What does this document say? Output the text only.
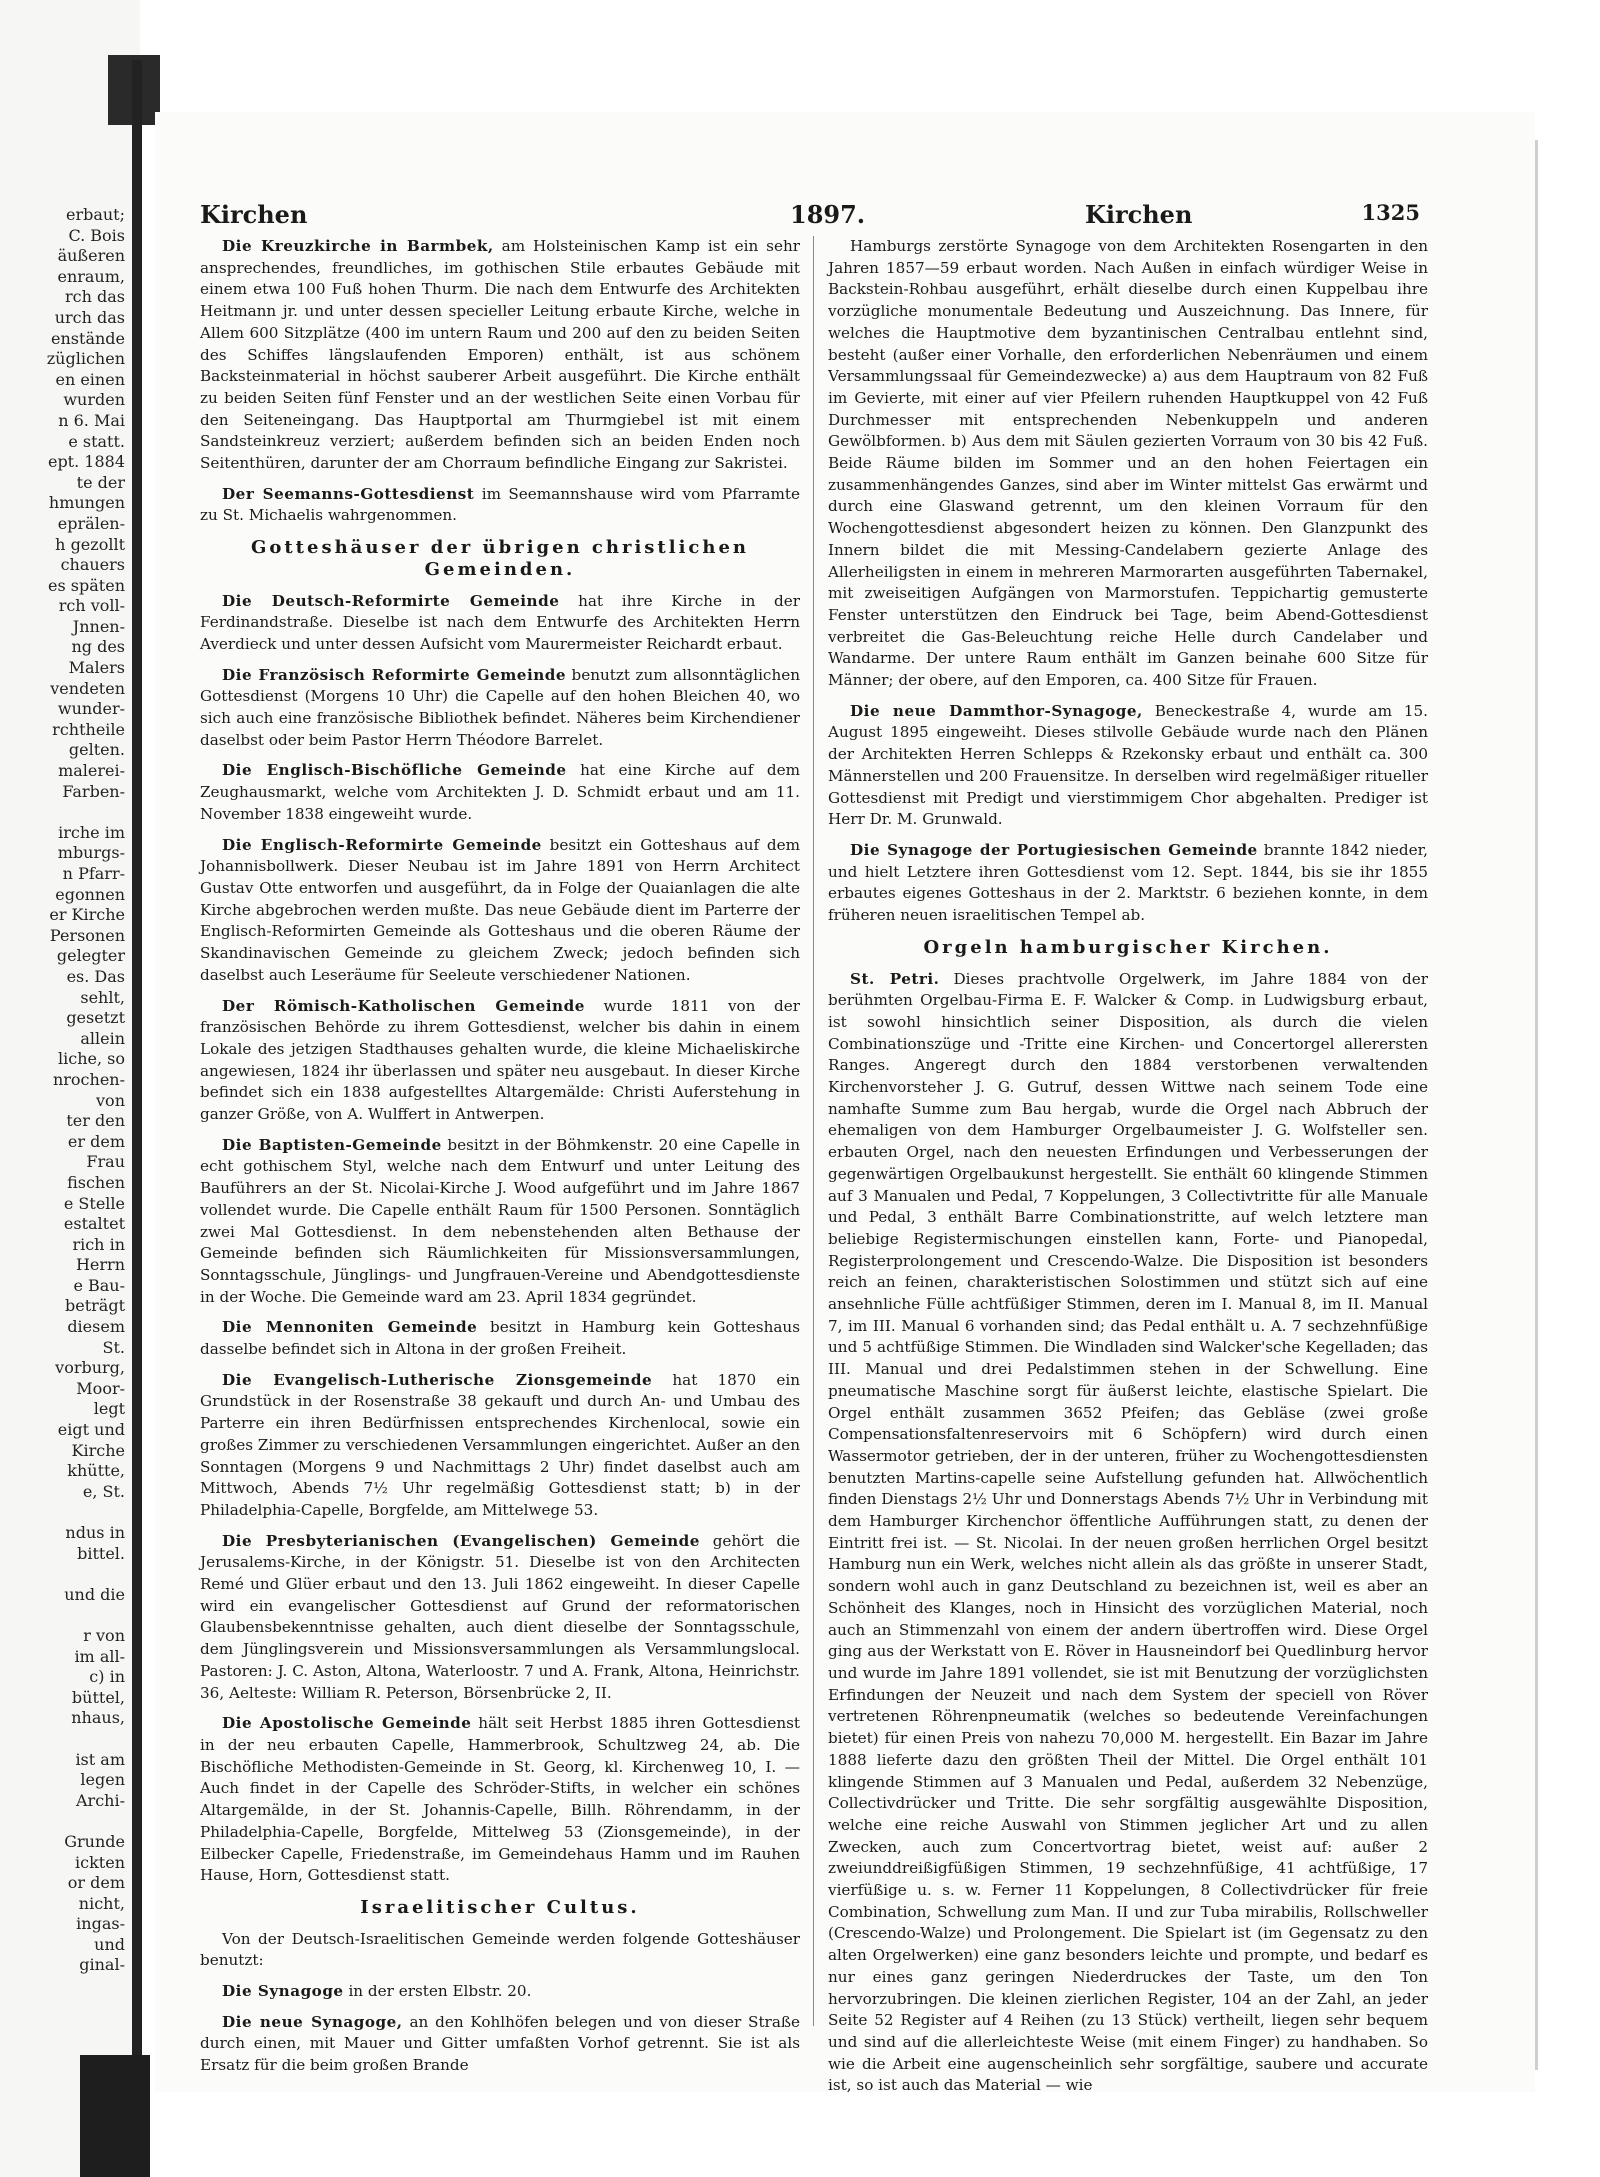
erbaut;
C. Bois
äußeren
enraum,
rch das
urch das
enstände
züglichen
en einen
wurden
n 6. Mai
e statt.
ept. 1884
te der
hmungen
eprälen-
h gezollt
chauers
es späten
rch voll-
Jnnen-
ng des
Malers
vendeten
wunder-
rchtheile
gelten.
malerei-
Farben-

irche im
mburgs-
n Pfarr-
egonnen
er Kirche
Personen
gelegter
es. Das
sehlt,
gesetzt
allein
liche, so
nrochen-
von
ter den
er dem
Frau
fischen
e Stelle
estaltet
rich in
Herrn
e Bau-
beträgt
diesem
St.
vorburg,
Moor-
legt
eigt und
Kirche
khütte,
e, St.

ndus in
bittel.

und die

r von
im all-
c) in
büttel,
nhaus,

ist am
legen
Archi-

Grunde
ickten
or dem
nicht,
ingas-
und
ginal-
Kirchen	1897.	Kirchen	1325

Die Kreuzkirche in Barmbek, am Holsteinischen Kamp ist ein sehr ansprechendes, freundliches, im gothischen Stile erbautes Gebäude mit einem etwa 100 Fuß hohen Thurm. Die nach dem Entwurfe des Architekten Heitmann jr. und unter dessen specieller Leitung erbaute Kirche, welche in Allem 600 Sitzplätze (400 im untern Raum und 200 auf den zu beiden Seiten des Schiffes längslaufenden Emporen) enthält, ist aus schönem Backsteinmaterial in höchst sauberer Arbeit ausgeführt. Die Kirche enthält zu beiden Seiten fünf Fenster und an der westlichen Seite einen Vorbau für den Seiteneingang. Das Hauptportal am Thurmgiebel ist mit einem Sandsteinkreuz verziert; außerdem befinden sich an beiden Enden noch Seitenthüren, darunter der am Chorraum befindliche Eingang zur Sakristei.

Der Seemanns-Gottesdienst im Seemannshause wird vom Pfarramte zu St. Michaelis wahrgenommen.

Gotteshäuser der übrigen christlichen Gemeinden.

Die Deutsch-Reformirte Gemeinde hat ihre Kirche in der Ferdinandstraße. Dieselbe ist nach dem Entwurfe des Architekten Herrn Averdieck und unter dessen Aufsicht vom Maurermeister Reichardt erbaut.

Die Französisch Reformirte Gemeinde benutzt zum allsonntäglichen Gottesdienst (Morgens 10 Uhr) die Capelle auf den hohen Bleichen 40, wo sich auch eine französische Bibliothek befindet. Näheres beim Kirchendiener daselbst oder beim Pastor Herrn Théodore Barrelet.

Die Englisch-Bischöfliche Gemeinde hat eine Kirche auf dem Zeughausmarkt, welche vom Architekten J. D. Schmidt erbaut und am 11. November 1838 eingeweiht wurde.

Die Englisch-Reformirte Gemeinde besitzt ein Gotteshaus auf dem Johannisbollwerk. Dieser Neubau ist im Jahre 1891 von Herrn Architect Gustav Otte entworfen und ausgeführt, da in Folge der Quaianlagen die alte Kirche abgebrochen werden mußte. Das neue Gebäude dient im Parterre der Englisch-Reformirten Gemeinde als Gotteshaus und die oberen Räume der Skandinavischen Gemeinde zu gleichem Zweck; jedoch befinden sich daselbst auch Leseräume für Seeleute verschiedener Nationen.

Der Römisch-Katholischen Gemeinde wurde 1811 von der französischen Behörde zu ihrem Gottesdienst, welcher bis dahin in einem Lokale des jetzigen Stadthauses gehalten wurde, die kleine Michaeliskirche angewiesen, 1824 ihr überlassen und später neu ausgebaut. In dieser Kirche befindet sich ein 1838 aufgestelltes Altargemälde: Christi Auferstehung in ganzer Größe, von A. Wulffert in Antwerpen.

Die Baptisten-Gemeinde besitzt in der Böhmkenstr. 20 eine Capelle in echt gothischem Styl, welche nach dem Entwurf und unter Leitung des Bauführers an der St. Nicolai-Kirche J. Wood aufgeführt und im Jahre 1867 vollendet wurde. Die Capelle enthält Raum für 1500 Personen. Sonntäglich zwei Mal Gottesdienst. In dem nebenstehenden alten Bethause der Gemeinde befinden sich Räumlichkeiten für Missionsversammlungen, Sonntagsschule, Jünglings- und Jungfrauen-Vereine und Abendgottesdienste in der Woche. Die Gemeinde ward am 23. April 1834 gegründet.

Die Mennoniten Gemeinde besitzt in Hamburg kein Gotteshaus dasselbe befindet sich in Altona in der großen Freiheit.

Die Evangelisch-Lutherische Zionsgemeinde hat 1870 ein Grundstück in der Rosenstraße 38 gekauft und durch An- und Umbau des Parterre ein ihren Bedürfnissen entsprechendes Kirchenlocal, sowie ein großes Zimmer zu verschiedenen Versammlungen eingerichtet. Außer an den Sonntagen (Morgens 9 und Nachmittags 2 Uhr) findet daselbst auch am Mittwoch, Abends 7½ Uhr regelmäßig Gottesdienst statt; b) in der Philadelphia-Capelle, Borgfelde, am Mittelwege 53.

Die Presbyterianischen (Evangelischen) Gemeinde gehört die Jerusalems-Kirche, in der Königstr. 51. Dieselbe ist von den Architecten Remé und Glüer erbaut und den 13. Juli 1862 eingeweiht. In dieser Capelle wird ein evangelischer Gottesdienst auf Grund der reformatorischen Glaubensbekenntnisse gehalten, auch dient dieselbe der Sonntagsschule, dem Jünglingsverein und Missionsversammlungen als Versammlungslocal. Pastoren: J. C. Aston, Altona, Waterloostr. 7 und A. Frank, Altona, Heinrichstr. 36, Aelteste: William R. Peterson, Börsenbrücke 2, II.

Die Apostolische Gemeinde hält seit Herbst 1885 ihren Gottesdienst in der neu erbauten Capelle, Hammerbrook, Schultzweg 24, ab. Die Bischöfliche Methodisten-Gemeinde in St. Georg, kl. Kirchenweg 10, I. — Auch findet in der Capelle des Schröder-Stifts, in welcher ein schönes Altargemälde, in der St. Johannis-Capelle, Billh. Röhrendamm, in der Philadelphia-Capelle, Borgfelde, Mittelweg 53 (Zionsgemeinde), in der Eilbecker Capelle, Friedenstraße, im Gemeindehaus Hamm und im Rauhen Hause, Horn, Gottesdienst statt.

Israelitischer Cultus.

Von der Deutsch-Israelitischen Gemeinde werden folgende Gotteshäuser benutzt:

Die Synagoge in der ersten Elbstr. 20.

Die neue Synagoge, an den Kohlhöfen belegen und von dieser Straße durch einen, mit Mauer und Gitter umfaßten Vorhof getrennt. Sie ist als Ersatz für die beim großen Brande

Hamburgs zerstörte Synagoge von dem Architekten Rosengarten in den Jahren 1857—59 erbaut worden. Nach Außen in einfach würdiger Weise in Backstein-Rohbau ausgeführt, erhält dieselbe durch einen Kuppelbau ihre vorzügliche monumentale Bedeutung und Auszeichnung. Das Innere, für welches die Hauptmotive dem byzantinischen Centralbau entlehnt sind, besteht (außer einer Vorhalle, den erforderlichen Nebenräumen und einem Versammlungssaal für Gemeindezwecke) a) aus dem Hauptraum von 82 Fuß im Gevierte, mit einer auf vier Pfeilern ruhenden Hauptkuppel von 42 Fuß Durchmesser mit entsprechenden Nebenkuppeln und anderen Gewölbformen. b) Aus dem mit Säulen gezierten Vorraum von 30 bis 42 Fuß. Beide Räume bilden im Sommer und an den hohen Feiertagen ein zusammenhängendes Ganzes, sind aber im Winter mittelst Gas erwärmt und durch eine Glaswand getrennt, um den kleinen Vorraum für den Wochengottesdienst abgesondert heizen zu können. Den Glanzpunkt des Innern bildet die mit Messing-Candelabern gezierte Anlage des Allerheiligsten in einem in mehreren Marmorarten ausgeführten Tabernakel, mit zweiseitigen Aufgängen von Marmorstufen. Teppichartig gemusterte Fenster unterstützen den Eindruck bei Tage, beim Abend-Gottesdienst verbreitet die Gas-Beleuchtung reiche Helle durch Candelaber und Wandarme. Der untere Raum enthält im Ganzen beinahe 600 Sitze für Männer; der obere, auf den Emporen, ca. 400 Sitze für Frauen.

Die neue Dammthor-Synagoge, Beneckestraße 4, wurde am 15. August 1895 eingeweiht. Dieses stilvolle Gebäude wurde nach den Plänen der Architekten Herren Schlepps & Rzekonsky erbaut und enthält ca. 300 Männerstellen und 200 Frauensitze. In derselben wird regelmäßiger ritueller Gottesdienst mit Predigt und vierstimmigem Chor abgehalten. Prediger ist Herr Dr. M. Grunwald.

Die Synagoge der Portugiesischen Gemeinde brannte 1842 nieder, und hielt Letztere ihren Gottesdienst vom 12. Sept. 1844, bis sie ihr 1855 erbautes eigenes Gotteshaus in der 2. Marktstr. 6 beziehen konnte, in dem früheren neuen israelitischen Tempel ab.

Orgeln hamburgischer Kirchen.

St. Petri. Dieses prachtvolle Orgelwerk, im Jahre 1884 von der berühmten Orgelbau-Firma E. F. Walcker & Comp. in Ludwigsburg erbaut, ist sowohl hinsichtlich seiner Disposition, als durch die vielen Combinationszüge und -Tritte eine Kirchen- und Concertorgel allerersten Ranges. Angeregt durch den 1884 verstorbenen verwaltenden Kirchenvorsteher J. G. Gutruf, dessen Wittwe nach seinem Tode eine namhafte Summe zum Bau hergab, wurde die Orgel nach Abbruch der ehemaligen von dem Hamburger Orgelbaumeister J. G. Wolfsteller sen. erbauten Orgel, nach den neuesten Erfindungen und Verbesserungen der gegenwärtigen Orgelbaukunst hergestellt. Sie enthält 60 klingende Stimmen auf 3 Manualen und Pedal, 7 Koppelungen, 3 Collectivtritte für alle Manuale und Pedal, 3 enthält Barre Combinationstritte, auf welch letztere man beliebige Registermischungen einstellen kann, Forte- und Pianopedal, Registerprolongement und Crescendo-Walze. Die Disposition ist besonders reich an feinen, charakteristischen Solostimmen und stützt sich auf eine ansehnliche Fülle achtfüßiger Stimmen, deren im I. Manual 8, im II. Manual 7, im III. Manual 6 vorhanden sind; das Pedal enthält u. A. 7 sechzehnfüßige und 5 achtfüßige Stimmen. Die Windladen sind Walcker'sche Kegelladen; das III. Manual und drei Pedalstimmen stehen in der Schwellung. Eine pneumatische Maschine sorgt für äußerst leichte, elastische Spielart. Die Orgel enthält zusammen 3652 Pfeifen; das Gebläse (zwei große Compensationsfaltenreservoirs mit 6 Schöpfern) wird durch einen Wassermotor getrieben, der in der unteren, früher zu Wochengottesdiensten benutzten Martins-capelle seine Aufstellung gefunden hat. Allwöchentlich finden Dienstags 2½ Uhr und Donnerstags Abends 7½ Uhr in Verbindung mit dem Hamburger Kirchenchor öffentliche Aufführungen statt, zu denen der Eintritt frei ist. — St. Nicolai. In der neuen großen herrlichen Orgel besitzt Hamburg nun ein Werk, welches nicht allein als das größte in unserer Stadt, sondern wohl auch in ganz Deutschland zu bezeichnen ist, weil es aber an Schönheit des Klanges, noch in Hinsicht des vorzüglichen Material, noch auch an Stimmenzahl von einem der andern übertroffen wird. Diese Orgel ging aus der Werkstatt von E. Röver in Hausneindorf bei Quedlinburg hervor und wurde im Jahre 1891 vollendet, sie ist mit Benutzung der vorzüglichsten Erfindungen der Neuzeit und nach dem System der speciell von Röver vertretenen Röhrenpneumatik (welches so bedeutende Vereinfachungen bietet) für einen Preis von nahezu 70,000 M. hergestellt. Ein Bazar im Jahre 1888 lieferte dazu den größten Theil der Mittel. Die Orgel enthält 101 klingende Stimmen auf 3 Manualen und Pedal, außerdem 32 Nebenzüge, Collectivdrücker und Tritte. Die sehr sorgfältig ausgewählte Disposition, welche eine reiche Auswahl von Stimmen jeglicher Art und zu allen Zwecken, auch zum Concertvortrag bietet, weist auf: außer 2 zweiunddreißigfüßigen Stimmen, 19 sechzehnfüßige, 41 achtfüßige, 17 vierfüßige u. s. w. Ferner 11 Koppelungen, 8 Collectivdrücker für freie Combination, Schwellung zum Man. II und zur Tuba mirabilis, Rollschweller (Crescendo-Walze) und Prolongement. Die Spielart ist (im Gegensatz zu den alten Orgelwerken) eine ganz besonders leichte und prompte, und bedarf es nur eines ganz geringen Niederdruckes der Taste, um den Ton hervorzubringen. Die kleinen zierlichen Register, 104 an der Zahl, an jeder Seite 52 Register auf 4 Reihen (zu 13 Stück) vertheilt, liegen sehr bequem und sind auf die allerleichteste Weise (mit einem Finger) zu handhaben. So wie die Arbeit eine augenscheinlich sehr sorgfältige, saubere und accurate ist, so ist auch das Material — wie
